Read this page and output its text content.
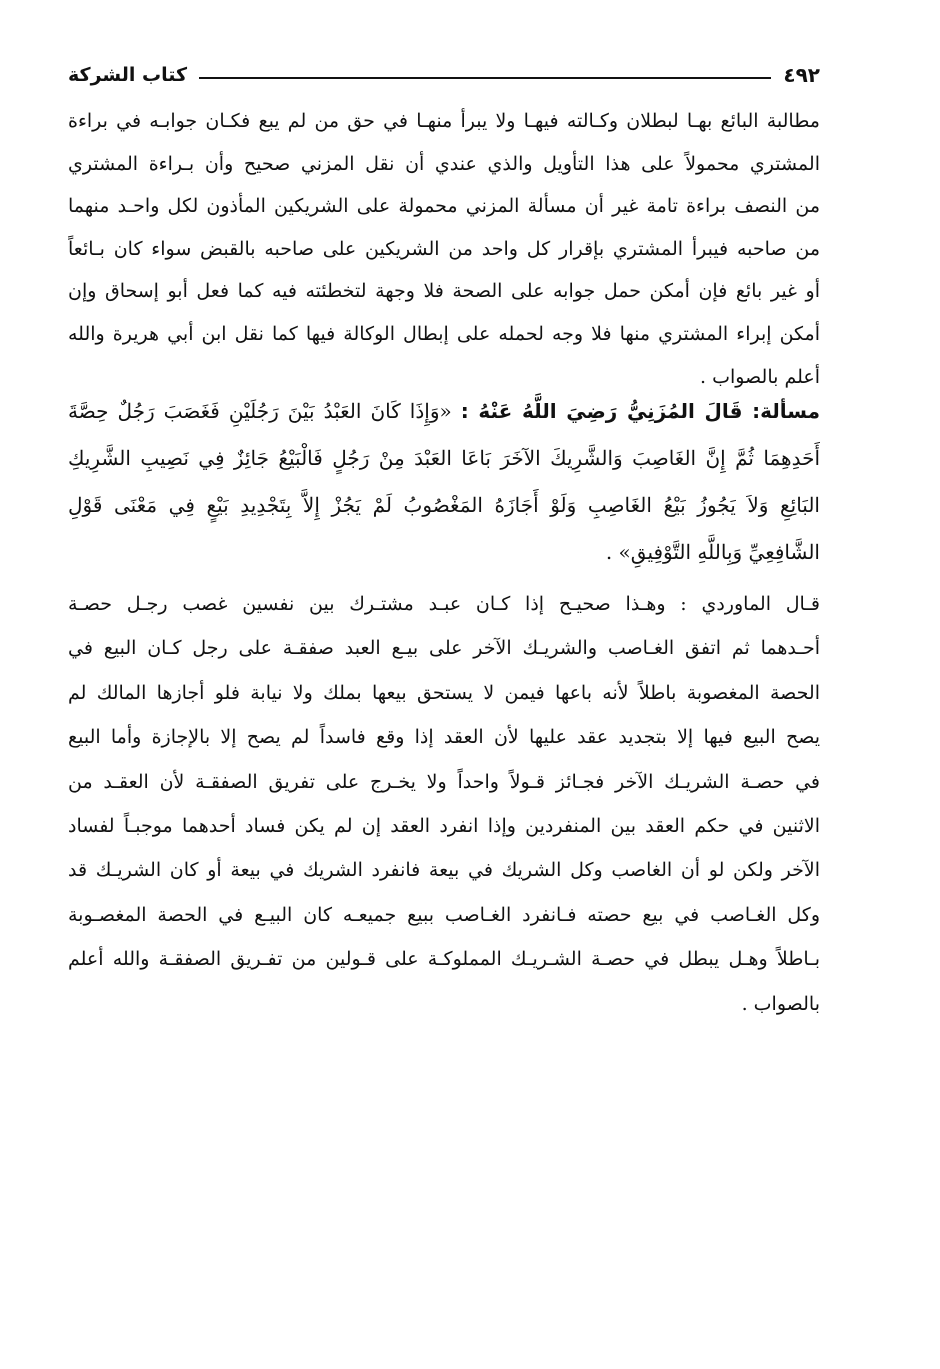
كتاب الشركة	٤٩٢
مطالبة البائع بهـا لبطلان وكـالته فيهـا ولا يبرأ منهـا في حق من لم يبع فكـان جوابـه في براءة
المشتري محمولاً على هذا التأويل والذي عندي أن نقل المزني صحيح وأن بـراءة المشتري
من النصف براءة تامة غير أن مسألة المزني محمولة على الشريكين المأذون لكل واحـد منهما
من صاحبه فيبرأ المشتري بإقرار كل واحد من الشريكين على صاحبه بالقبض سواء كان بـائعاً
أو غير بائع فإن أمكن حمل جوابه على الصحة فلا وجهة لتخطئته فيه كما فعل أبو إسحاق وإن
أمكن إبراء المشتري منها فلا وجه لحمله على إبطال الوكالة فيها كما نقل ابن أبي هريرة والله
أعلم بالصواب .
مسألة: قَالَ المُزَنِيُّ رَضِيَ اللَّهُ عَنْهُ : «وَإِذَا كَانَ العَبْدُ بَيْنَ رَجُلَيْنِ فَغَصَبَ رَجُلٌ حِصَّةَ
أَحَدِهِمَا ثُمَّ إِنَّ الغَاصِبَ وَالشَّرِيكَ الآخَرَ بَاعَا العَبْدَ مِنْ رَجُلٍ فَالْبَيْعُ جَائِزٌ فِي نَصِيبِ الشَّرِيكِ
البَائِعِ وَلاَ يَجُوزُ بَيْعُ الغَاصِبِ وَلَوْ أَجَازَهُ المَغْصُوبُ لَمْ يَجُزْ إِلاَّ بِتَجْدِيدِ بَيْعٍ فِي مَعْنَى قَوْلِ
الشَّافِعِيِّ وَبِاللَّهِ التَّوْفِيقِ» .
قـال الماوردي : وهـذا صحيـح إذا كـان عبـد مشتـرك بين نفسين غصب رجـل حصـة
أحـدهما ثم اتفق الغـاصب والشريـك الآخر على بيـع العبد صفقـة على رجل كـان البيع في
الحصة المغصوبة باطلاً لأنه باعها فيمن لا يستحق بيعها بملك ولا نيابة فلو أجازها المالك لم
يصح البيع فيها إلا بتجديد عقد عليها لأن العقد إذا وقع فاسداً لم يصح إلا بالإجازة وأما البيع
في حصـة الشريـك الآخر فجـائز قـولاً واحداً ولا يخـرج على تفريق الصفقـة لأن العقـد من
الاثنين في حكم العقد بين المنفردين وإذا انفرد العقد إن لم يكن فساد أحدهما موجبـاً لفساد
الآخر ولكن لو أن الغاصب وكل الشريك في بيعة فانفرد الشريك في بيعة أو كان الشريـك قد
وكل الغـاصب في بيع حصته فـانفرد الغـاصب ببيع جميعـه كان البيـع في الحصة المغصـوبة
بـاطلاً وهـل يبطل في حصـة الشـريـك المملوكـة على قـولين من تفـريق الصفقـة والله أعلم
بالصواب .
